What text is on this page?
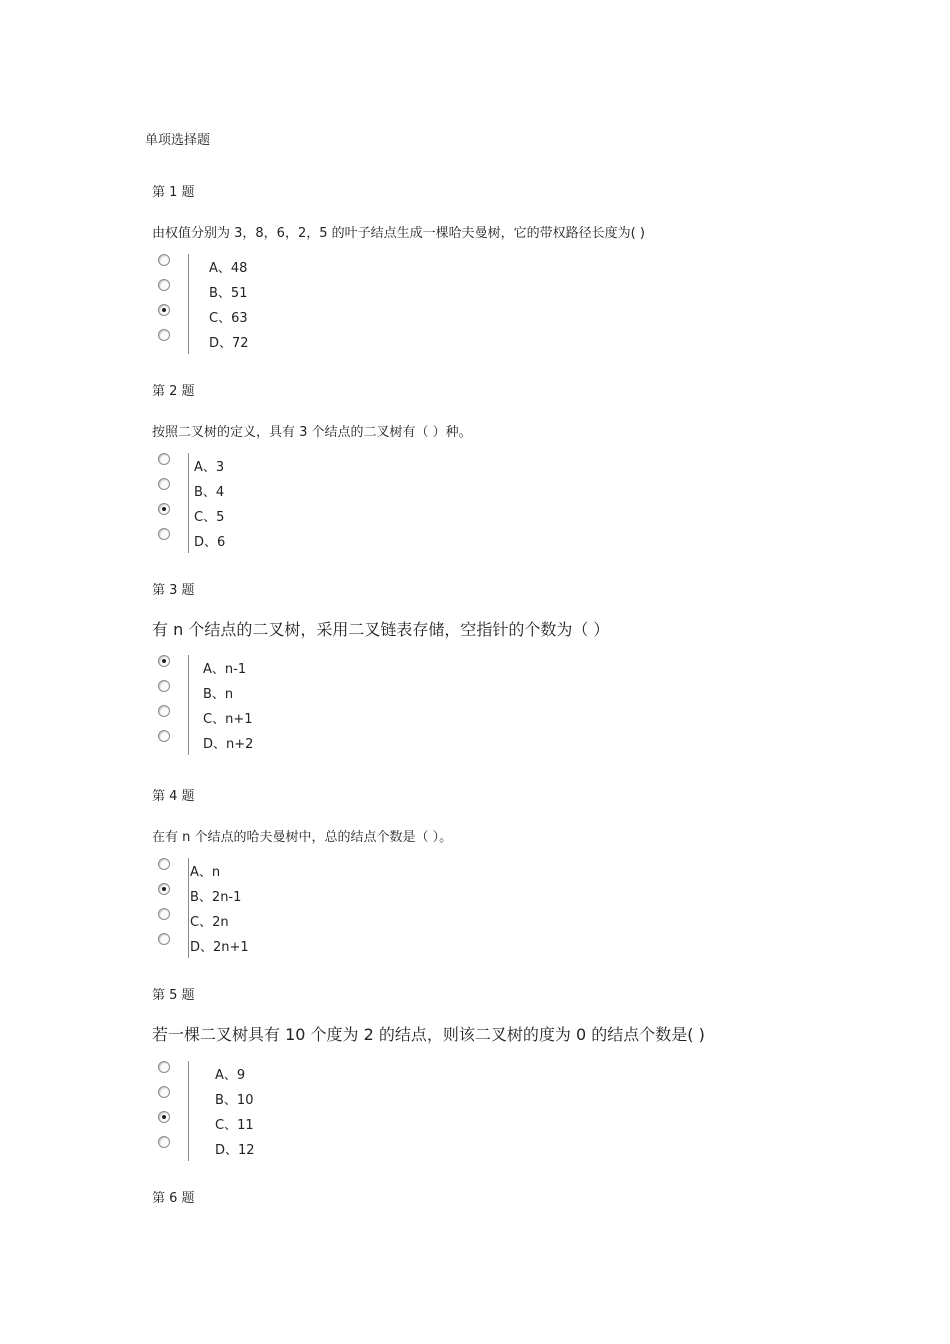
单项选择题
第 1 题
由权值分别为 3，8，6，2，5 的叶子结点生成一棵哈夫曼树，它的带权路径长度为( )
A、48
B、51
C、63
D、72
第 2 题
按照二叉树的定义，具有 3 个结点的二叉树有（ ）种。
A、3
B、4
C、5
D、6
第 3 题
有 n 个结点的二叉树，采用二叉链表存储，空指针的个数为（ ）
A、n-1
B、n
C、n+1
D、n+2
第 4 题
在有 n 个结点的哈夫曼树中，总的结点个数是（ ）。
A、n
B、2n-1
C、2n
D、2n+1
第 5 题
若一棵二叉树具有 10 个度为 2 的结点，则该二叉树的度为 0 的结点个数是( )
A、9
B、10
C、11
D、12
第 6 题
